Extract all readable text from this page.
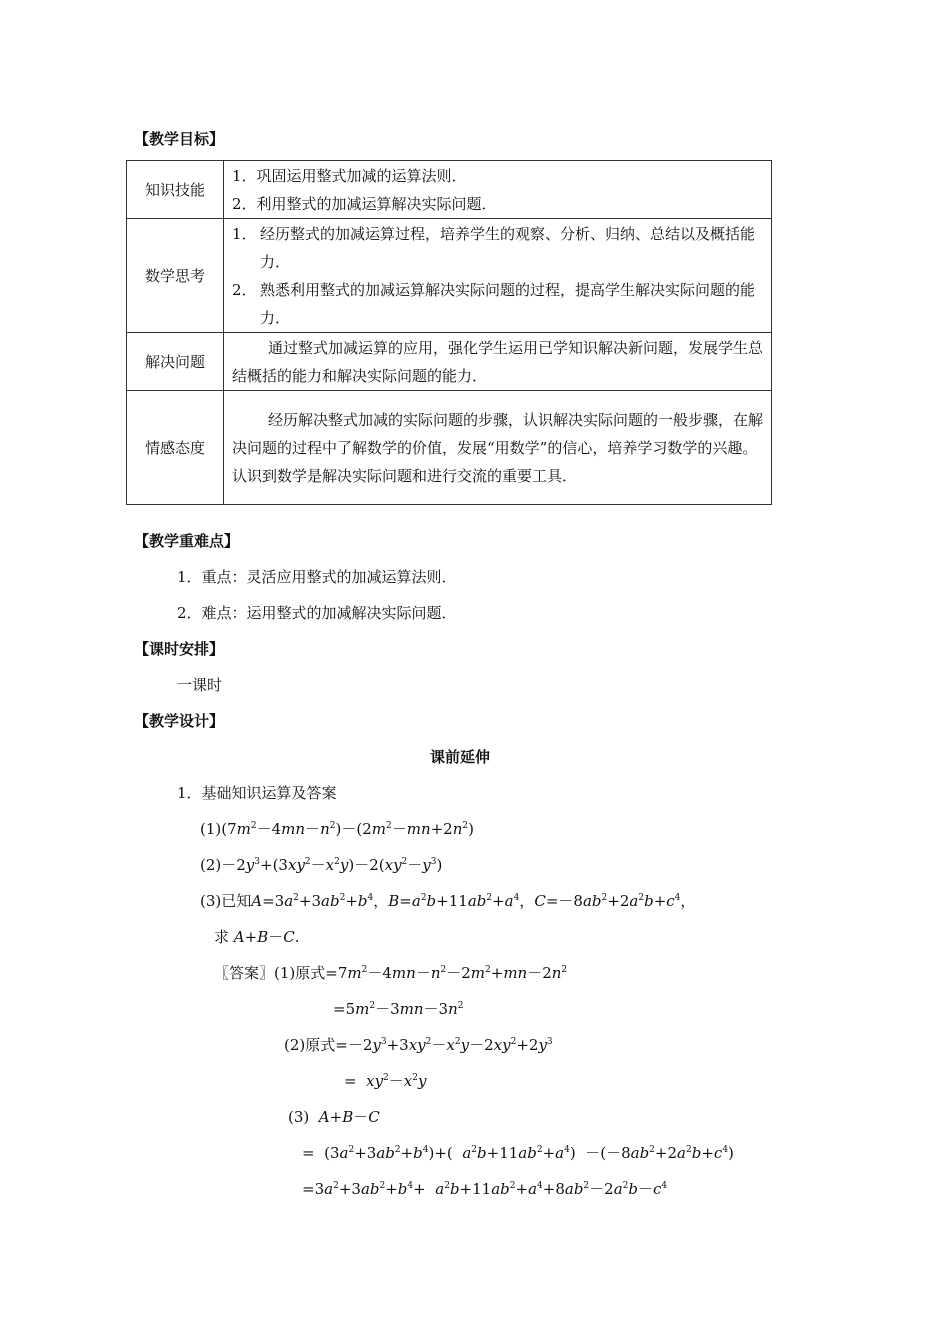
【教学目标】
知识技能	1．巩固运用整式加减的运算法则．
2．利用整式的加减运算解决实际问题．

数学思考	1． 经历整式的加减运算过程，培养学生的观察、分析、归纳、总结以及概括能力．
2． 熟悉利用整式的加减运算解决实际问题的过程，提高学生解决实际问题的能力．

解决问题	通过整式加减运算的应用，强化学生运用已学知识解决新问题，发展学生总结概括的能力和解决实际问题的能力．

情感态度	经历解决整式加减的实际问题的步骤，认识解决实际问题的一般步骤，在解决问题的过程中了解数学的价值，发展“用数学”的信心，培养学习数学的兴趣。认识到数学是解决实际问题和进行交流的重要工具．

【教学重难点】
1．重点：灵活应用整式的加减运算法则．
2．难点：运用整式的加减解决实际问题．
【课时安排】
一课时
【教学设计】
课前延伸
1．基础知识运算及答案
$(1)(7m^2-4mn-n^2)-(2m^2-mn+2n^2)$
$(2)-2y^3+(3xy^2-x^2y)-2(xy^2-y^3)$
(3)已知$A=3a^2+3ab^2+b^4$，$B=a^2b+11ab^2+a^4$，$C=-8ab^2+2a^2b+c^4$，
求 A+B－C.
〖答案〗(1)原式$=7m^2-4mn-n^2-2m^2+mn-2n^2$
$=5m^2-3mn-3n^2$
(2)原式$=-2y^3+3xy^2-x^2y-2xy^2+2y^3$
=  $xy^2-x^2y$
(3) A+B－C
=  $(3a^2+3ab^2+b^4)+$(  $a^2b+11ab^2+a^4) -(-8ab^2+2a^2b+c^4)$
$=3a^2+3ab^2+b^4+ a^2b+11ab^2+a^4+8ab^2-2a^2b-c^4$
